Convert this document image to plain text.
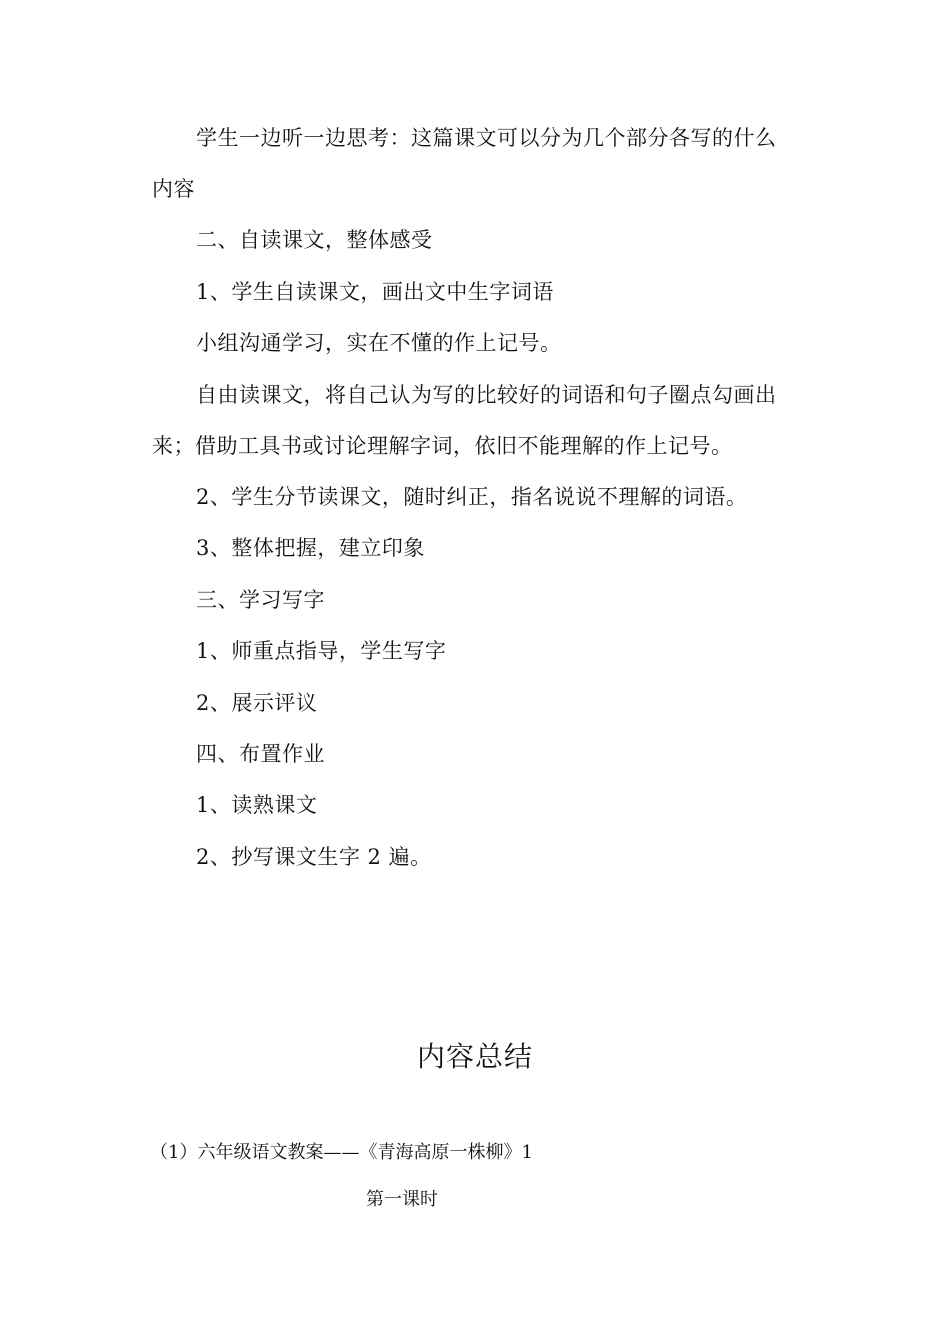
学生一边听一边思考：这篇课文可以分为几个部分各写的什么
内容
二、自读课文，整体感受
1、学生自读课文，画出文中生字词语
小组沟通学习，实在不懂的作上记号。
自由读课文，将自己认为写的比较好的词语和句子圈点勾画出
来；借助工具书或讨论理解字词，依旧不能理解的作上记号。
2、学生分节读课文，随时纠正，指名说说不理解的词语。
3、整体把握，建立印象
三、学习写字
1、师重点指导，学生写字
2、展示评议
四、布置作业
1、读熟课文
2、抄写课文生字 2 遍。
内容总结
（1）六年级语文教案——《青海高原一株柳》1
第一课时
